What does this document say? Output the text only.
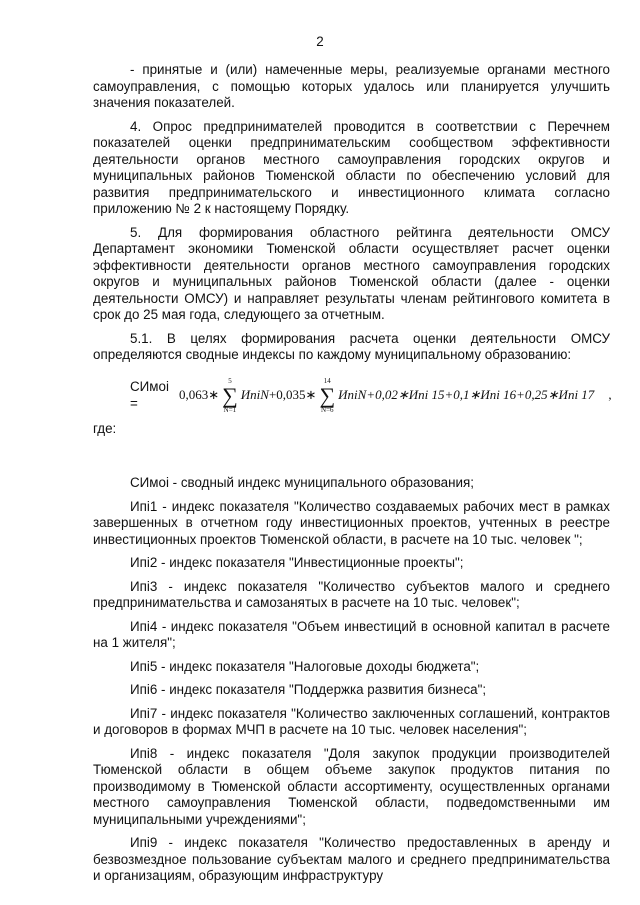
2

- принятые и (или) намеченные меры, реализуемые органами местного самоуправления, с помощью которых удалось или планируется улучшить значения показателей.

4. Опрос предпринимателей проводится в соответствии с Перечнем показателей оценки предпринимательским сообществом эффективности деятельности органов местного самоуправления городских округов и муниципальных районов Тюменской области по обеспечению условий для развития предпринимательского и инвестиционного климата согласно приложению № 2 к настоящему Порядку.

5. Для формирования областного рейтинга деятельности ОМСУ Департамент экономики Тюменской области осуществляет расчет оценки эффективности деятельности органов местного самоуправления городских округов и муниципальных районов Тюменской области (далее - оценки деятельности ОМСУ) и направляет результаты членам рейтингового комитета в срок до 25 мая года, следующего за отчетным.

5.1. В целях формирования расчета оценки деятельности ОМСУ определяются сводные индексы по каждому муниципальному образованию:

СИмоi =
0,063 ∗
5
∑
N=1
ИпiN +0,035 ∗
14
∑
N=6
ИпiN +0,02∗Ипi 15+0,1∗Ипi 16+0,25∗Ипi 17 ,

где:

СИмоi - сводный индекс муниципального образования;

Ипi1 - индекс показателя "Количество создаваемых рабочих мест в рамках завершенных в отчетном году инвестиционных проектов, учтенных в реестре инвестиционных проектов Тюменской области, в расчете на 10 тыс. человек ";

Ипi2 - индекс показателя "Инвестиционные проекты";

Ипi3 - индекс показателя "Количество субъектов малого и среднего предпринимательства и самозанятых в расчете на 10 тыс. человек";

Ипi4 - индекс показателя "Объем инвестиций в основной капитал в расчете на 1 жителя";

Ипi5 - индекс показателя "Налоговые доходы бюджета";

Ипi6 - индекс показателя "Поддержка развития бизнеса";

Ипi7 - индекс показателя "Количество заключенных соглашений, контрактов и договоров в формах МЧП в расчете на 10 тыс. человек населения";

Ипi8 - индекс показателя "Доля закупок продукции производителей Тюменской области в общем объеме закупок продуктов питания по производимому в Тюменской области ассортименту, осуществленных органами местного самоуправления Тюменской области, подведомственными им муниципальными учреждениями";

Ипi9 - индекс показателя "Количество предоставленных в аренду и безвозмездное пользование субъектам малого и среднего предпринимательства и организациям, образующим инфраструктуру
